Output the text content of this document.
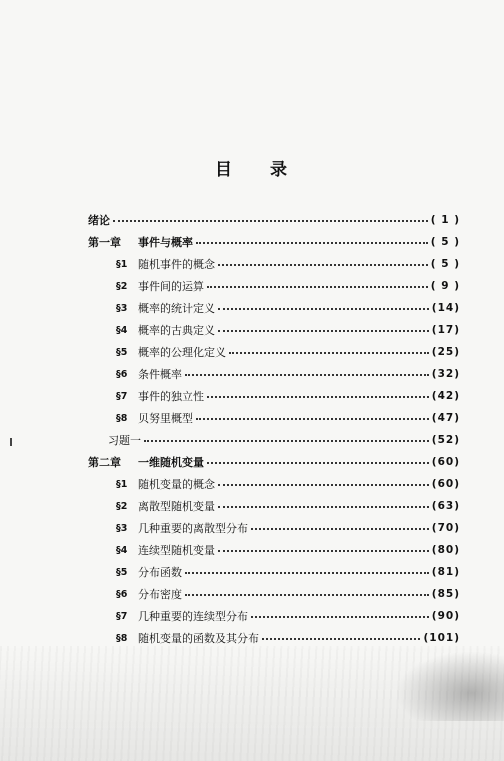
目 录
绪论	( 1 )
第一章	事件与概率	( 5 )
§1 随机事件的概念	( 5 )
§2 事件间的运算	( 9 )
§3 概率的统计定义	(14)
§4 概率的古典定义	(17)
§5 概率的公理化定义	(25)
§6 条件概率	(32)
§7 事件的独立性	(42)
§8 贝努里概型	(47)
习题一	(52)
第二章	一维随机变量	(60)
§1 随机变量的概念	(60)
§2 离散型随机变量	(63)
§3 几种重要的离散型分布	(70)
§4 连续型随机变量	(80)
§5 分布函数	(81)
§6 分布密度	(85)
§7 几种重要的连续型分布	(90)
§8 随机变量的函数及其分布	(101)
